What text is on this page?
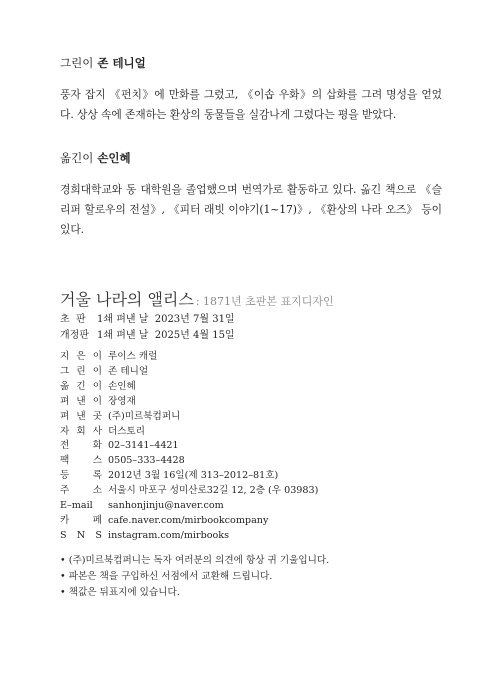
그린이 존 테니얼

풍자 잡지 《펀치》에 만화를 그렸고, 《이솝 우화》의 삽화를 그려 명성을 얻었다. 상상 속에 존재하는 환상의 동물들을 실감나게 그렸다는 평을 받았다.

옮긴이 손인혜

경희대학교와 동 대학원을 졸업했으며 번역가로 활동하고 있다. 옮긴 책으로 《슬리퍼 할로우의 전설》, 《피터 래빗 이야기(1~17)》, 《환상의 나라 오즈》 등이 있다.

거울 나라의 앨리스 : 1871년 초판본 표지디자인
초  판	1쇄 펴낸 날  2023년 7월 31일
개정판 1쇄 펴낸 날  2025년 4월 15일
지 은 이 루이스 캐럴
그 린 이 존 테니얼
옮 긴 이 손인혜
펴 낸 이 장영재
펴 낸 곳 (주)미르북컴퍼니
자 회 사 더스토리
전 화 02–3141–4421
팩 스 0505–333–4428
등 록 2012년 3월 16일(제 313–2012–81호)
주 소 서울시 마포구 성미산로32길 12, 2층 (우 03983)
E–mail	sanhonjinju@naver.com
카 페 cafe.naver.com/mirbookcompany
S N S instagram.com/mirbooks
• (주)미르북컴퍼니는 독자 여러분의 의견에 항상 귀 기울입니다.
• 파본은 책을 구입하신 서점에서 교환해 드립니다.
• 책값은 뒤표지에 있습니다.
